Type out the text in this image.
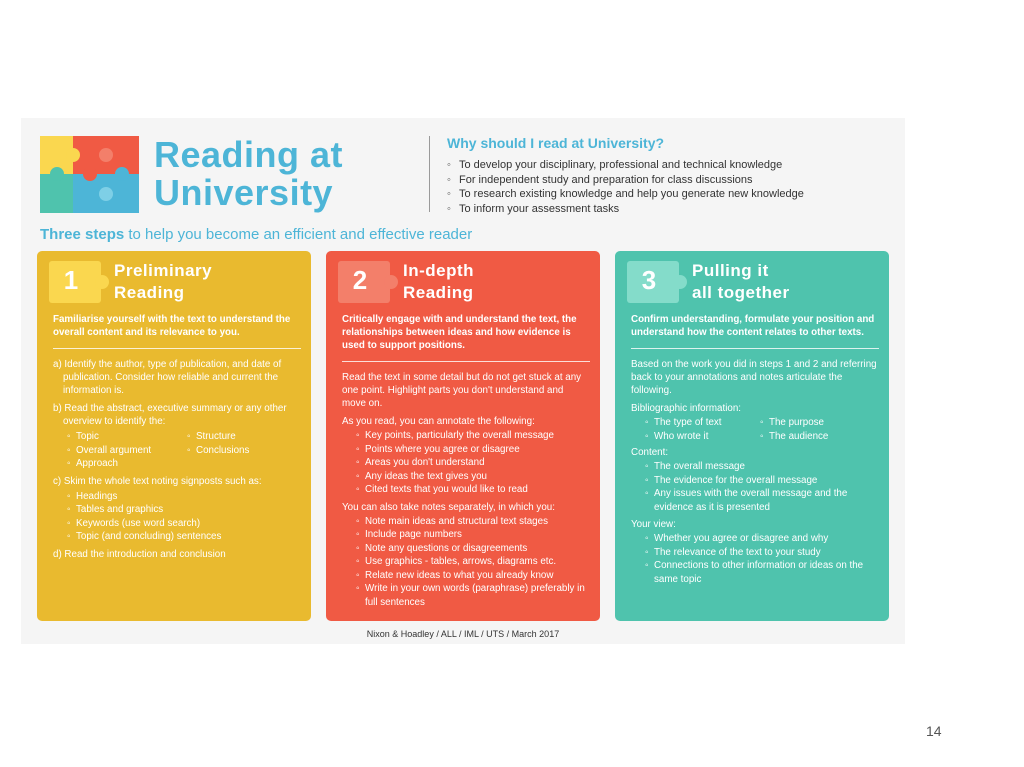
Reading at
University
Why should I read at University?
◦ To develop your disciplinary, professional and technical knowledge
◦ For independent study and preparation for class discussions
◦ To research existing knowledge and help you generate new knowledge
◦ To inform your assessment tasks
Three steps to help you become an efficient and effective reader
1	Preliminary
Reading

Familiarise yourself with the text to understand the overall content and its relevance to you.

a) Identify the author, type of publication, and date of publication. Consider how reliable and current the information is.

b) Read the abstract, executive summary or any other overview to identify the:

◦ Topic
◦ Overall argument
◦ Approach
◦ Structure
◦ Conclusions

c) Skim the whole text noting signposts such as:

◦ Headings
◦ Tables and graphics
◦ Keywords (use word search)
◦ Topic (and concluding) sentences

d) Read the introduction and conclusion

2	In-depth
Reading

Critically engage with and understand the text, the relationships between ideas and how evidence is used to support positions.

Read the text in some detail but do not get stuck at any one point. Highlight parts you don't understand and move on.

As you read, you can annotate the following:

◦ Key points, particularly the overall message
◦ Points where you agree or disagree
◦ Areas you don't understand
◦ Any ideas the text gives you
◦ Cited texts that you would like to read

You can also take notes separately, in which you:

◦ Note main ideas and structural text stages
◦ Include page numbers
◦ Note any questions or disagreements
◦ Use graphics - tables, arrows, diagrams etc.
◦ Relate new ideas to what you already know
◦ Write in your own words (paraphrase) preferably in full sentences
3	Pulling it
all together

Confirm understanding, formulate your position and understand how the content relates to other texts.

Based on the work you did in steps 1 and 2 and referring back to your annotations and notes articulate the following.

Bibliographic information:

◦ The type of text
◦ Who wrote it
◦ The purpose
◦ The audience

Content:

◦ The overall message
◦ The evidence for the overall message
◦ Any issues with the overall message and the evidence as it is presented

Your view:

◦ Whether you agree or disagree and why
◦ The relevance of the text to your study
◦ Connections to other information or ideas on the same topic
Nixon & Hoadley / ALL / IML / UTS / March 2017
14
